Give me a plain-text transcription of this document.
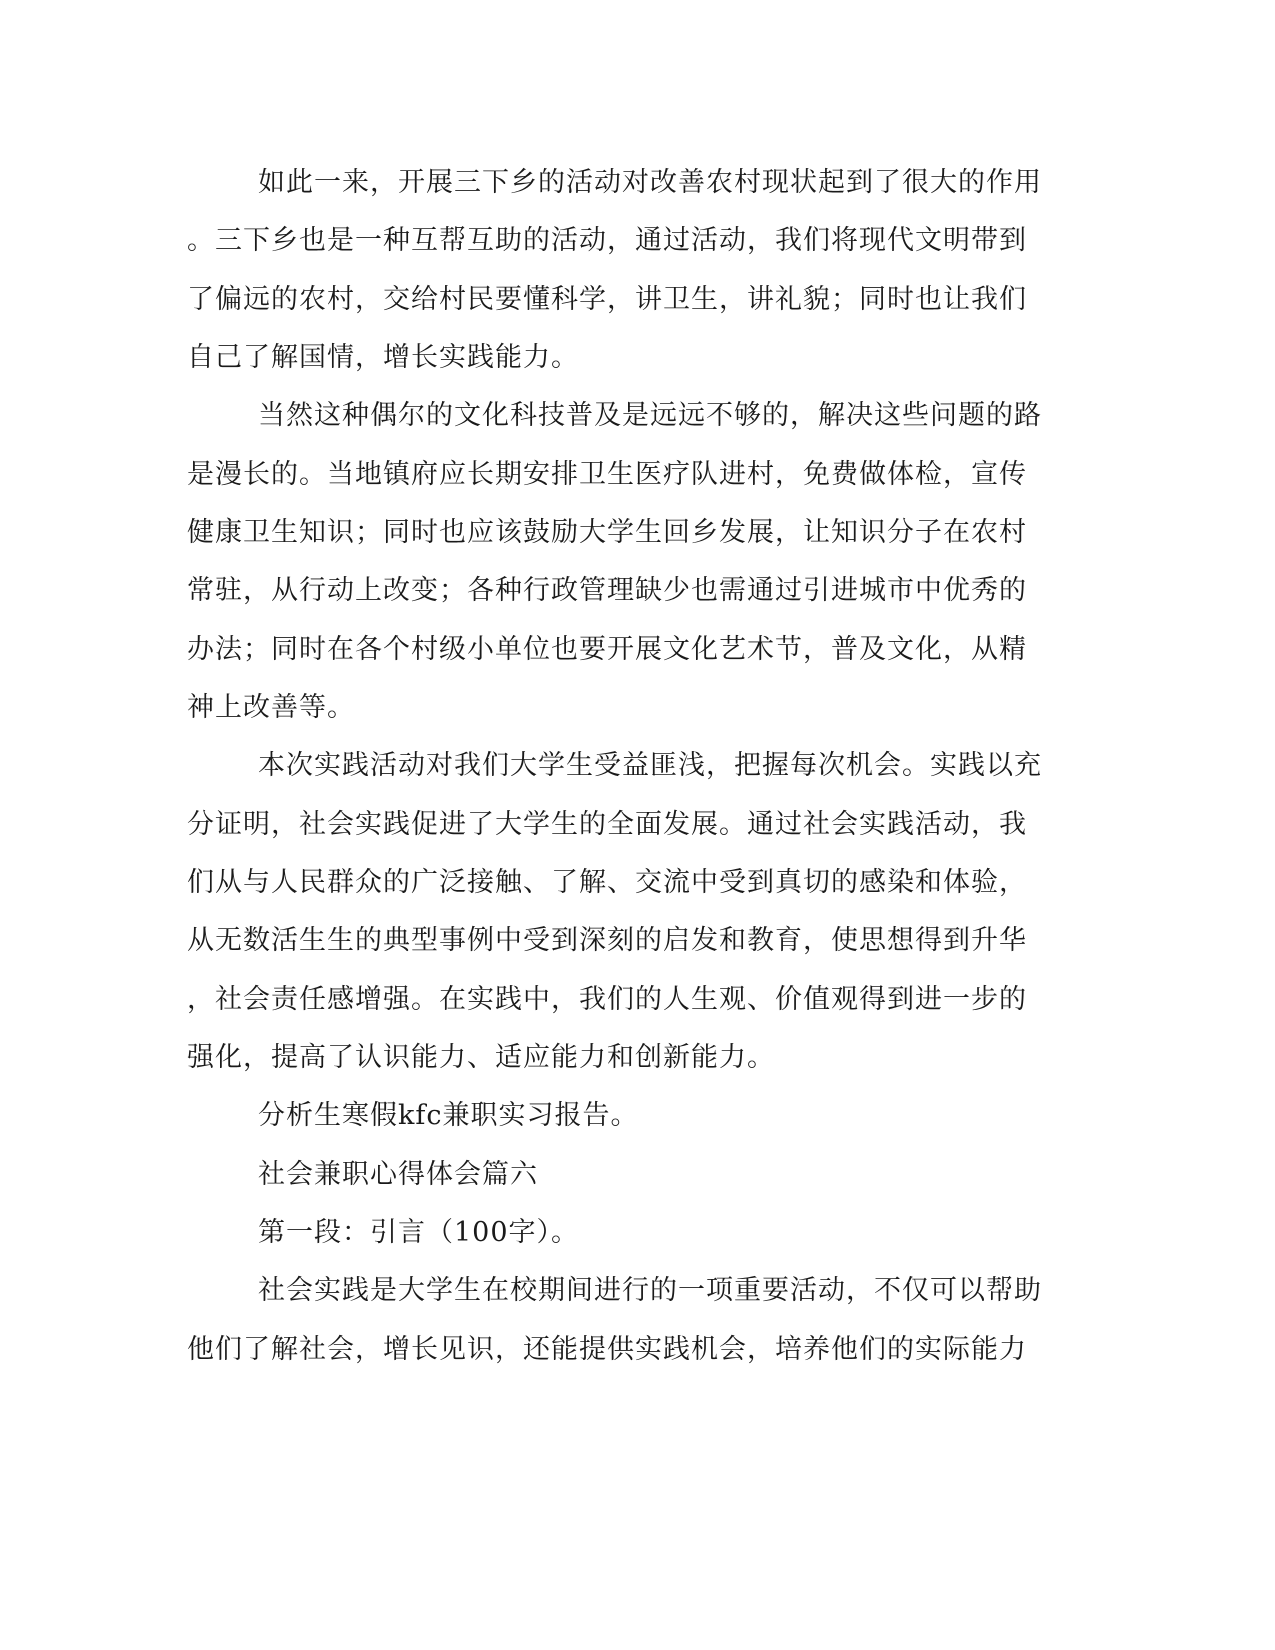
如此一来，开展三下乡的活动对改善农村现状起到了很大的作用
。三下乡也是一种互帮互助的活动，通过活动，我们将现代文明带到
了偏远的农村，交给村民要懂科学，讲卫生，讲礼貌；同时也让我们
自己了解国情，增长实践能力。
当然这种偶尔的文化科技普及是远远不够的，解决这些问题的路
是漫长的。当地镇府应长期安排卫生医疗队进村，免费做体检，宣传
健康卫生知识；同时也应该鼓励大学生回乡发展，让知识分子在农村
常驻，从行动上改变；各种行政管理缺少也需通过引进城市中优秀的
办法；同时在各个村级小单位也要开展文化艺术节，普及文化，从精
神上改善等。
本次实践活动对我们大学生受益匪浅，把握每次机会。实践以充
分证明，社会实践促进了大学生的全面发展。通过社会实践活动，我
们从与人民群众的广泛接触、了解、交流中受到真切的感染和体验，
从无数活生生的典型事例中受到深刻的启发和教育，使思想得到升华
，社会责任感增强。在实践中，我们的人生观、价值观得到进一步的
强化，提高了认识能力、适应能力和创新能力。
分析生寒假kfc兼职实习报告。
社会兼职心得体会篇六
第一段：引言（100字）。
社会实践是大学生在校期间进行的一项重要活动，不仅可以帮助
他们了解社会，增长见识，还能提供实践机会，培养他们的实际能力
